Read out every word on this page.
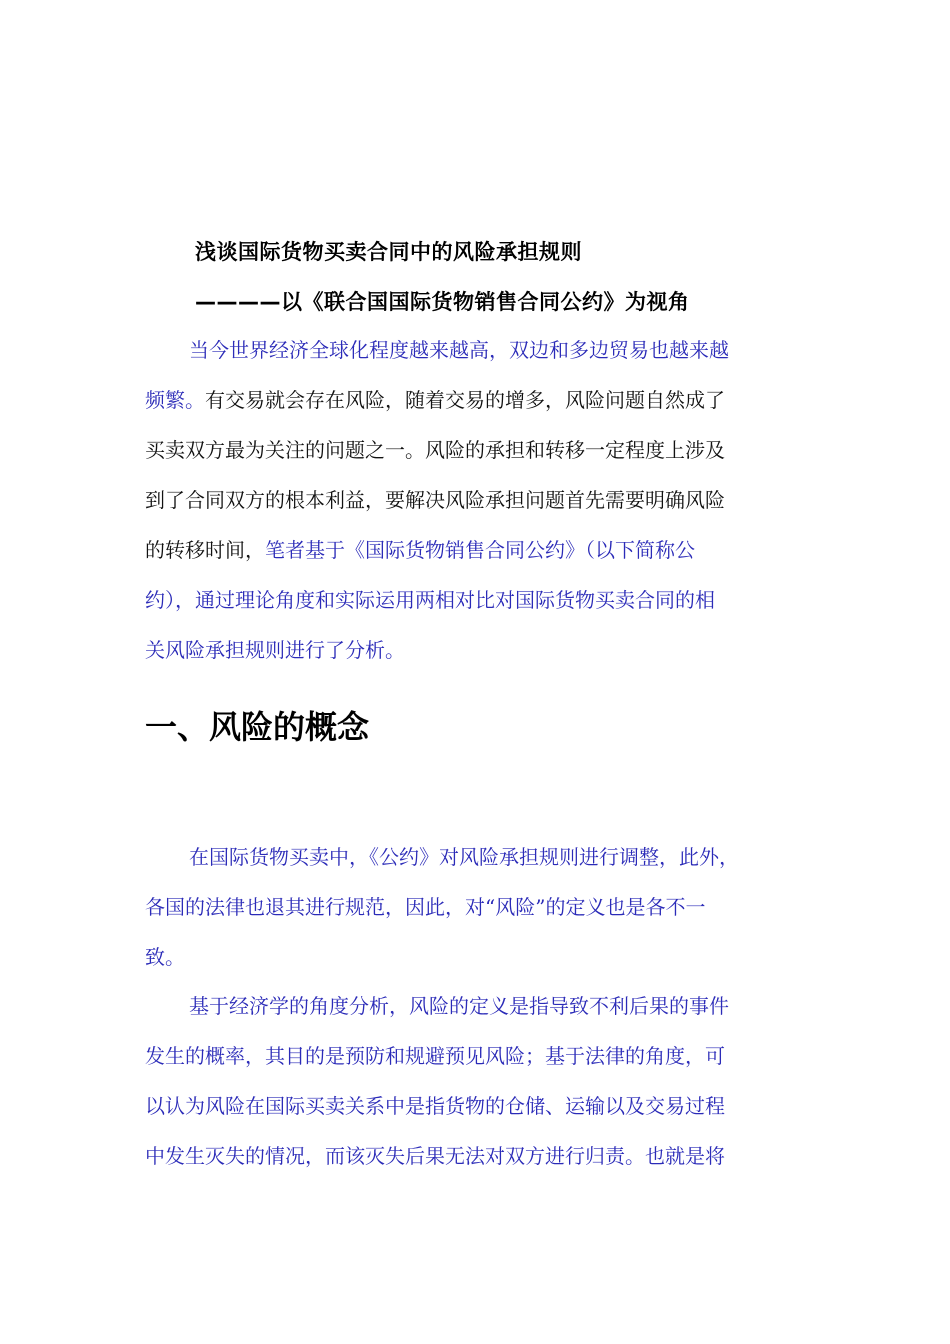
浅谈国际货物买卖合同中的风险承担规则
————以《联合国国际货物销售合同公约》为视角
当今世界经济全球化程度越来越高，双边和多边贸易也越来越
频繁。有交易就会存在风险，随着交易的增多，风险问题自然成了
买卖双方最为关注的问题之一。风险的承担和转移一定程度上涉及
到了合同双方的根本利益，要解决风险承担问题首先需要明确风险
的转移时间，笔者基于《国际货物销售合同公约》（以下简称公
约），通过理论角度和实际运用两相对比对国际货物买卖合同的相
关风险承担规则进行了分析。
一、风险的概念
在国际货物买卖中，《公约》对风险承担规则进行调整，此外，
各国的法律也退其进行规范，因此，对“风险”的定义也是各不一
致。
基于经济学的角度分析，风险的定义是指导致不利后果的事件
发生的概率，其目的是预防和规避预见风险；基于法律的角度，可
以认为风险在国际买卖关系中是指货物的仓储、运输以及交易过程
中发生灭失的情况，而该灭失后果无法对双方进行归责。也就是将
